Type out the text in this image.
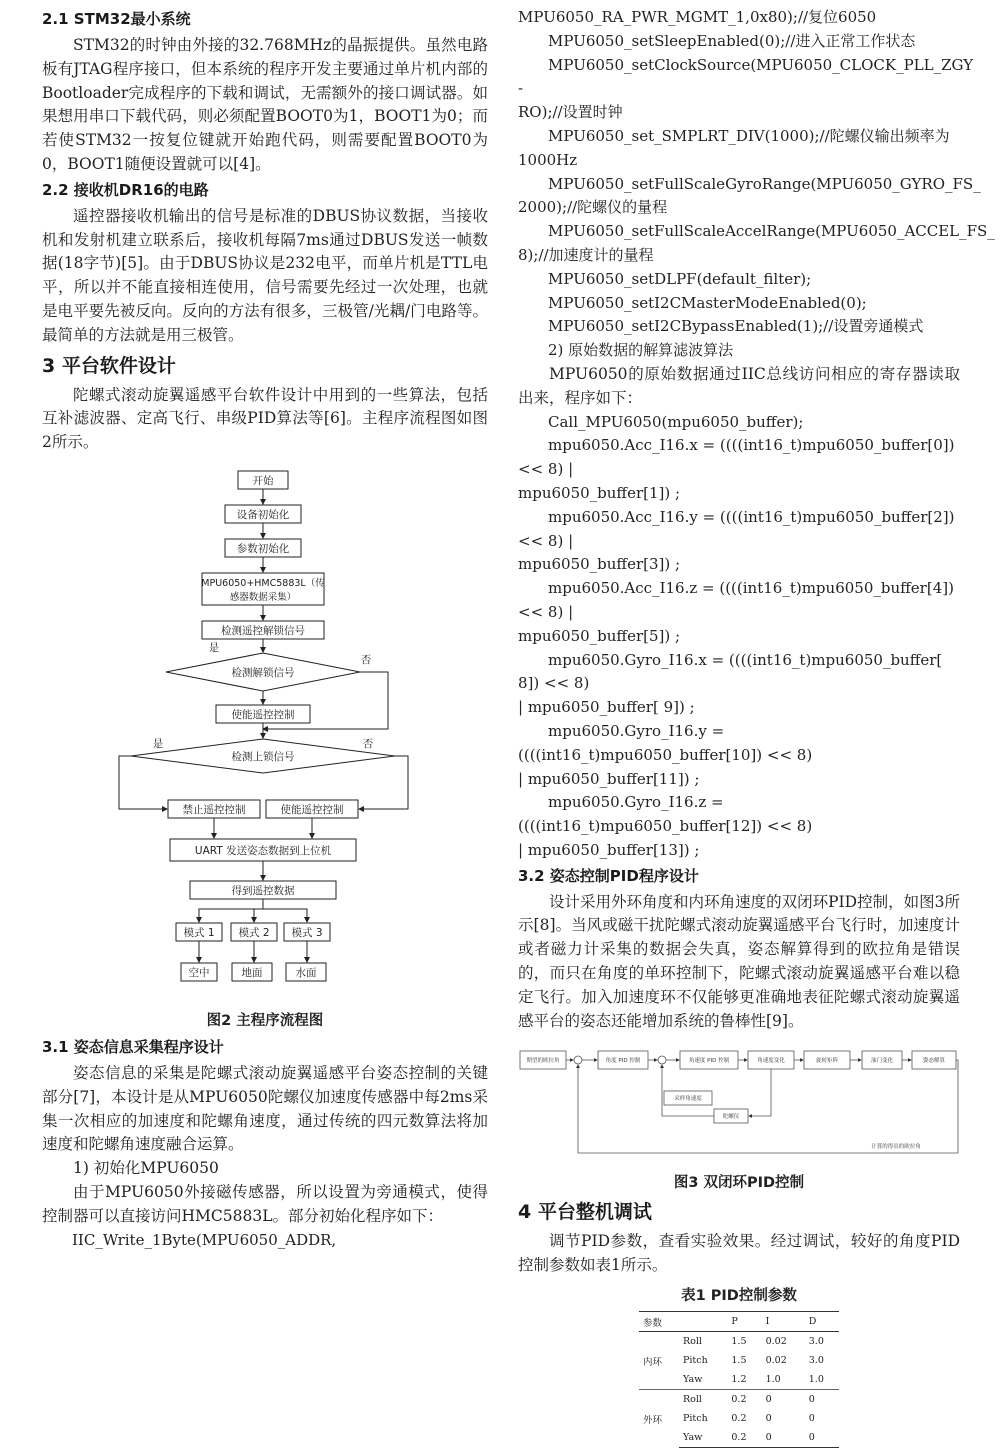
2.1 STM32最小系统

STM32的时钟由外接的32.768MHz的晶振提供。虽然电路板有JTAG程序接口，但本系统的程序开发主要通过单片机内部的Bootloader完成程序的下载和调试，无需额外的接口调试器。如果想用串口下载代码，则必须配置BOOT0为1，BOOT1为0；而若使STM32一按复位键就开始跑代码，则需要配置BOOT0为0，BOOT1随便设置就可以[4]。

2.2 接收机DR16的电路

遥控器接收机输出的信号是标准的DBUS协议数据，当接收机和发射机建立联系后，接收机每隔7ms通过DBUS发送一帧数据(18字节)[5]。由于DBUS协议是232电平，而单片机是TTL电平，所以并不能直接相连使用，信号需要先经过一次处理，也就是电平要先被反向。反向的方法有很多，三极管/光耦/门电路等。最简单的方法就是用三极管。

3 平台软件设计

陀螺式滚动旋翼遥感平台软件设计中用到的一些算法，包括互补滤波器、定高飞行、串级PID算法等[6]。主程序流程图如图2所示。

开始
设备初始化
参数初始化
MPU6050+HMC5883L（传
感器数据采集）
检测遥控解锁信号
检测解锁信号
使能遥控控制
检测上锁信号
禁止遥控控制	使能遥控控制
UART 发送姿态数据到上位机
得到遥控数据
模式 1 模式 2 模式 3
空中	地面	水面
是
否
是	否
图2 主程序流程图
3.1 姿态信息采集程序设计

姿态信息的采集是陀螺式滚动旋翼遥感平台姿态控制的关键部分[7]，本设计是从MPU6050陀螺仪加速度传感器中每2ms采集一次相应的加速度和陀螺角速度，通过传统的四元数算法将加速度和陀螺角速度融合运算。

1) 初始化MPU6050

由于MPU6050外接磁传感器，所以设置为旁通模式，使得控制器可以直接访问HMC5883L。部分初始化程序如下：

IIC_Write_1Byte(MPU6050_ADDR,

MPU6050_RA_PWR_MGMT_1,0x80);//复位6050

MPU6050_setSleepEnabled(0);//进入正常工作状态

MPU6050_setClockSource(MPU6050_CLOCK_PLL_ZGY -

RO);//设置时钟

MPU6050_set_SMPLRT_DIV(1000);//陀螺仪输出频率为

1000Hz

MPU6050_setFullScaleGyroRange(MPU6050_GYRO_FS_

2000);//陀螺仪的量程

MPU6050_setFullScaleAccelRange(MPU6050_ACCEL_FS_

8);//加速度计的量程

MPU6050_setDLPF(default_filter);

MPU6050_setI2CMasterModeEnabled(0);

MPU6050_setI2CBypassEnabled(1);//设置旁通模式

2) 原始数据的解算滤波算法

MPU6050的原始数据通过IIC总线访问相应的寄存器读取出来，程序如下：

Call_MPU6050(mpu6050_buffer);

mpu6050.Acc_I16.x = ((((int16_t)mpu6050_buffer[0]) << 8) |

mpu6050_buffer[1]) ;

mpu6050.Acc_I16.y = ((((int16_t)mpu6050_buffer[2]) << 8) |

mpu6050_buffer[3]) ;

mpu6050.Acc_I16.z = ((((int16_t)mpu6050_buffer[4]) << 8) |

mpu6050_buffer[5]) ;

mpu6050.Gyro_I16.x = ((((int16_t)mpu6050_buffer[ 8]) << 8)

| mpu6050_buffer[ 9]) ;

mpu6050.Gyro_I16.y = ((((int16_t)mpu6050_buffer[10]) << 8)

| mpu6050_buffer[11]) ;

mpu6050.Gyro_I16.z = ((((int16_t)mpu6050_buffer[12]) << 8)

| mpu6050_buffer[13]) ;

3.2 姿态控制PID程序设计

设计采用外环角度和内环角速度的双闭环PID控制，如图3所示[8]。当风或磁干扰陀螺式滚动旋翼遥感平台飞行时，加速度计或者磁力计采集的数据会失真，姿态解算得到的欧拉角是错误的，而只在角度的单环控制下，陀螺式滚动旋翼遥感平台难以稳定飞行。加入加速度环不仅能够更准确地表征陀螺式滚动旋翼遥感平台的姿态还能增加系统的鲁棒性[9]。

期望的欧拉角	角度 PID 控制	角速度 PID 控制	角速度变化	旋转矩阵	油门变化	姿态解算
采样角速度
陀螺仪
计算的得出的欧拉角
图3 双闭环PID控制
4 平台整机调试

调节PID参数，查看实验效果。经过调试，较好的角度PID控制参数如表1所示。

表1 PID控制参数
参数		P	I	D
内环	Roll	1.5	0.02	3.0
	Pitch	1.5	0.02	3.0
	Yaw	1.2	1.0	1.0
外环	Roll	0.2	0	0
	Pitch	0.2	0	0
	Yaw	0.2	0	0
